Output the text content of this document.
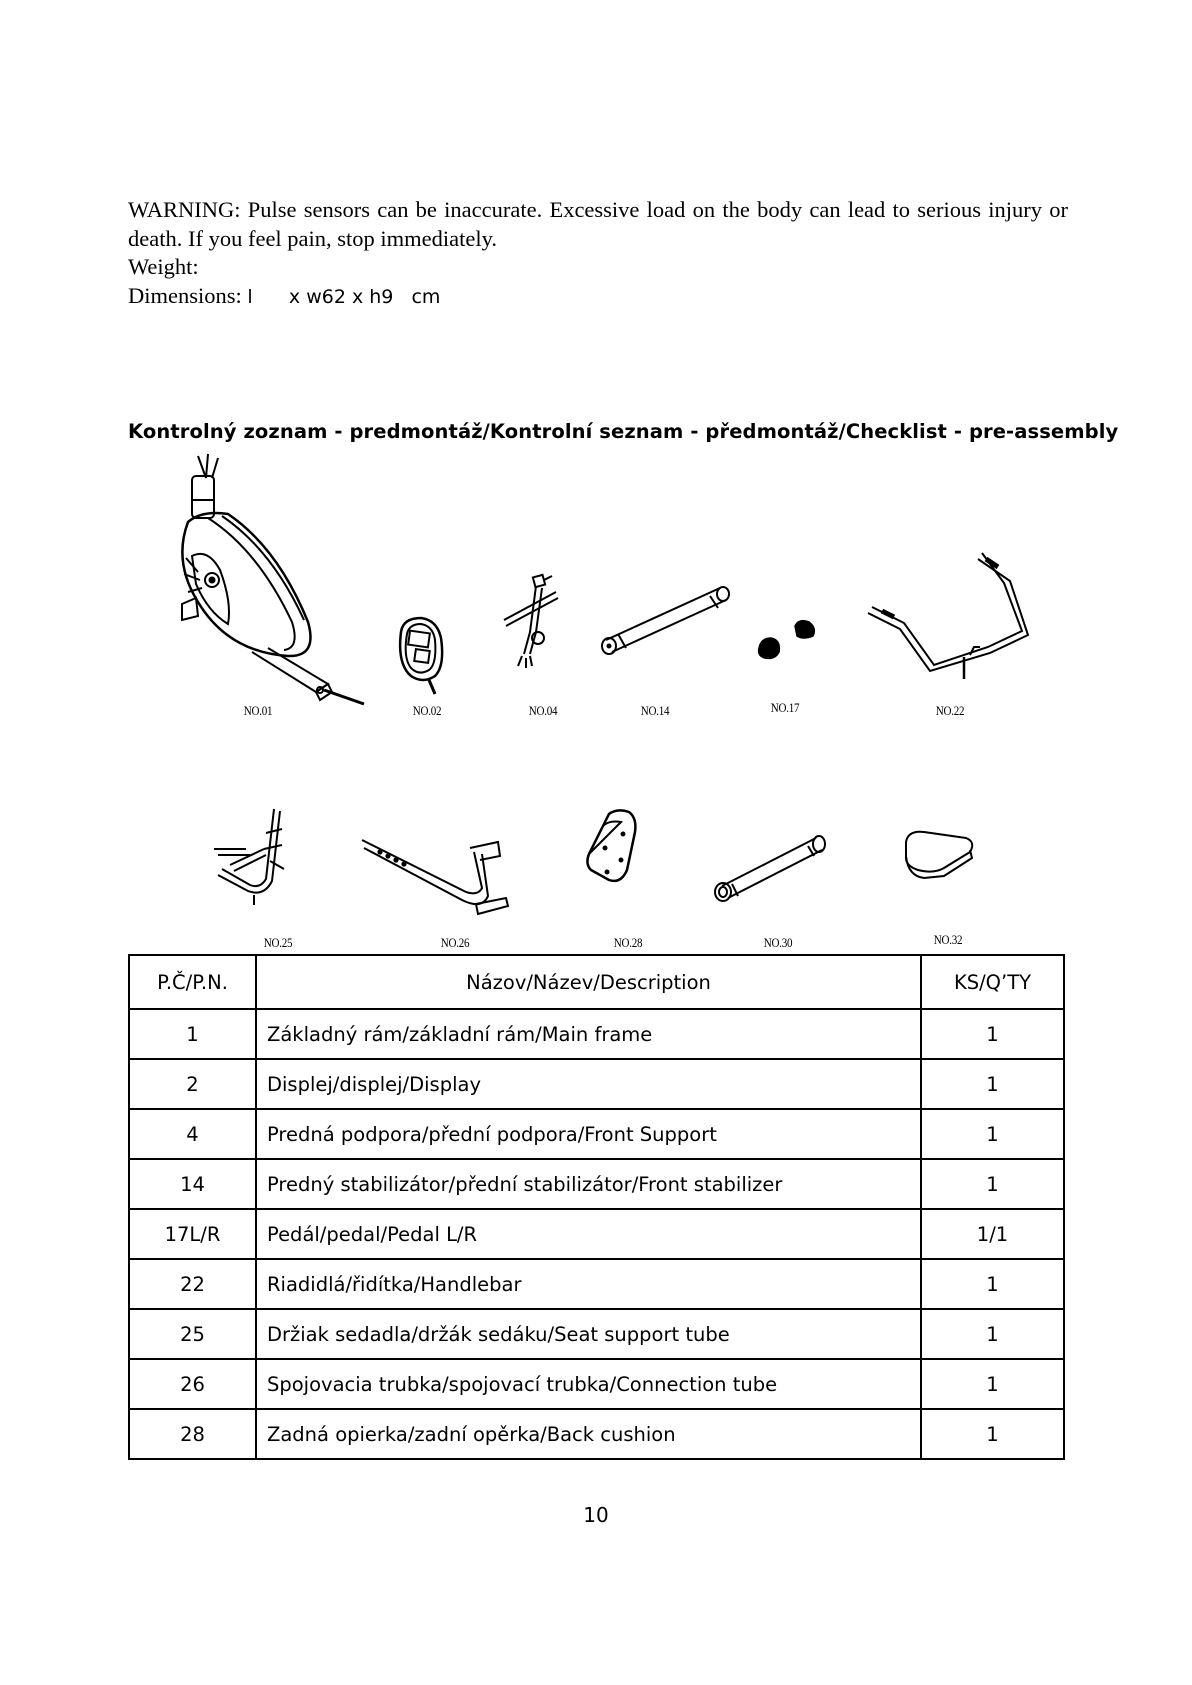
WARNING: Pulse sensors can be inaccurate. Excessive load on the body can lead to serious injury or death. If you feel pain, stop immediately.
Weight:
Dimensions: l      x w62 x h9   cm
Kontrolný zoznam - predmontáž/Kontrolní seznam - předmontáž/Checklist - pre-assembly
NO.01	NO.02	NO.04	NO.14	NO.17	NO.22
NO.25	NO.26	NO.28	NO.30	NO.32
P.Č/P.N.	Názov/Název/Description	KS/Q’TY
1	Základný rám/základní rám/Main frame	1
2	Displej/displej/Display	1
4	Predná podpora/přední podpora/Front Support	1
14	Predný stabilizátor/přední stabilizátor/Front stabilizer	1
17L/R	Pedál/pedal/Pedal L/R	1/1
22	Riadidlá/řidítka/Handlebar	1
25	Držiak sedadla/držák sedáku/Seat support tube	1
26	Spojovacia trubka/spojovací trubka/Connection tube	1
28	Zadná opierka/zadní opěrka/Back cushion	1
10
